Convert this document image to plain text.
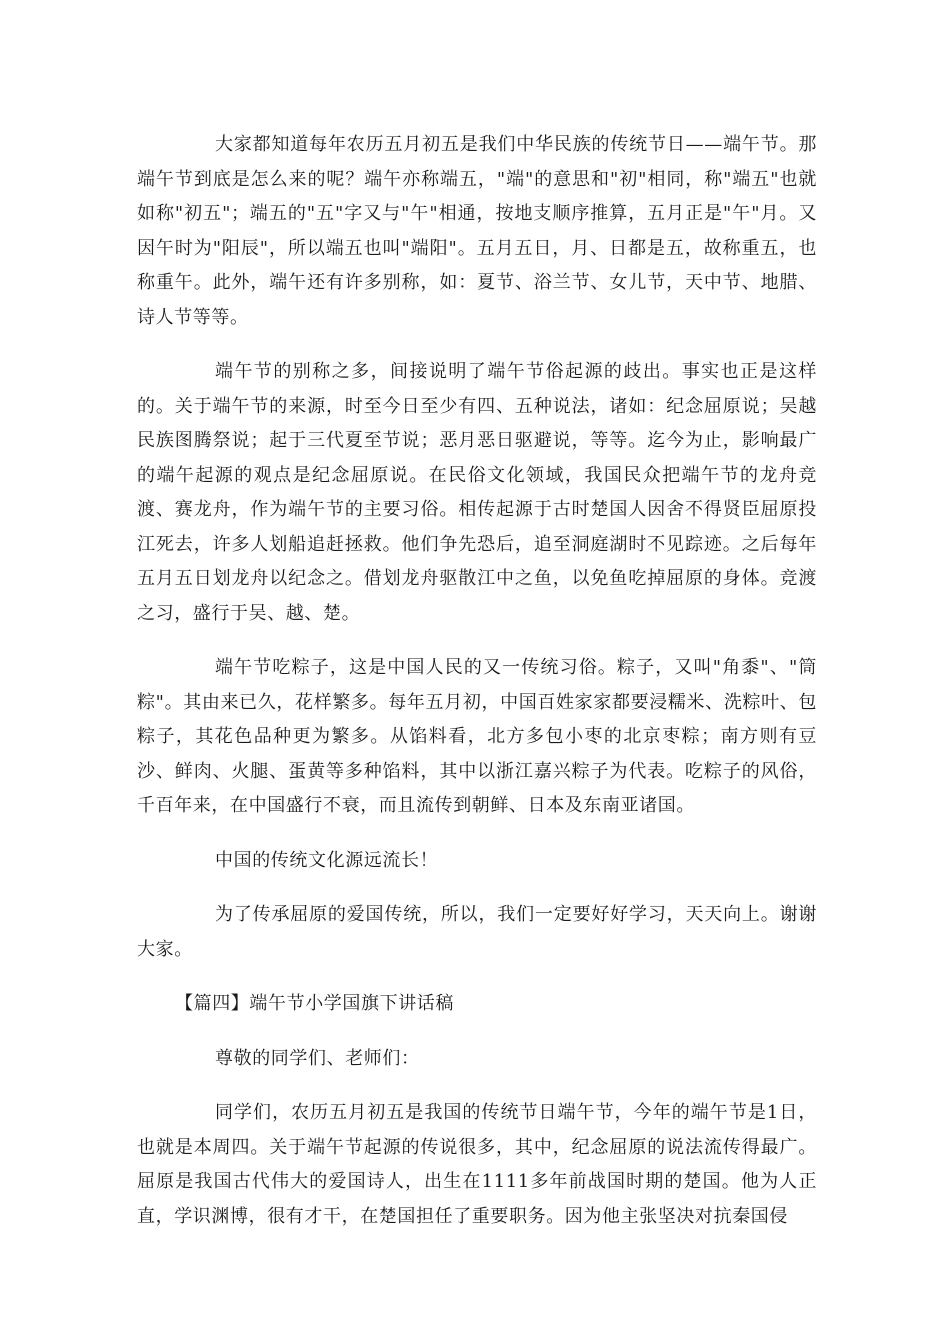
大家都知道每年农历五月初五是我们中华民族的传统节日——端午节。那端午节到底是怎么来的呢？端午亦称端五，"端"的意思和"初"相同，称"端五"也就如称"初五"；端五的"五"字又与"午"相通，按地支顺序推算，五月正是"午"月。又因午时为"阳辰"，所以端五也叫"端阳"。五月五日，月、日都是五，故称重五，也称重午。此外，端午还有许多别称，如：夏节、浴兰节、女儿节，天中节、地腊、诗人节等等。

端午节的别称之多，间接说明了端午节俗起源的歧出。事实也正是这样的。关于端午节的来源，时至今日至少有四、五种说法，诸如：纪念屈原说；吴越民族图腾祭说；起于三代夏至节说；恶月恶日驱避说，等等。迄今为止，影响最广的端午起源的观点是纪念屈原说。在民俗文化领域，我国民众把端午节的龙舟竞渡、赛龙舟，作为端午节的主要习俗。相传起源于古时楚国人因舍不得贤臣屈原投江死去，许多人划船追赶拯救。他们争先恐后，追至洞庭湖时不见踪迹。之后每年五月五日划龙舟以纪念之。借划龙舟驱散江中之鱼，以免鱼吃掉屈原的身体。竞渡之习，盛行于吴、越、楚。

端午节吃粽子，这是中国人民的又一传统习俗。粽子，又叫"角黍"、"筒粽"。其由来已久，花样繁多。每年五月初，中国百姓家家都要浸糯米、洗粽叶、包粽子，其花色品种更为繁多。从馅料看，北方多包小枣的北京枣粽；南方则有豆沙、鲜肉、火腿、蛋黄等多种馅料，其中以浙江嘉兴粽子为代表。吃粽子的风俗，千百年来，在中国盛行不衰，而且流传到朝鲜、日本及东南亚诸国。

中国的传统文化源远流长！

为了传承屈原的爱国传统，所以，我们一定要好好学习，天天向上。谢谢大家。

【篇四】端午节小学国旗下讲话稿

尊敬的同学们、老师们：

同学们，农历五月初五是我国的传统节日端午节，今年的端午节是1日，也就是本周四。关于端午节起源的传说很多，其中，纪念屈原的说法流传得最广。屈原是我国古代伟大的爱国诗人，出生在1111多年前战国时期的楚国。他为人正直，学识渊博，很有才干，在楚国担任了重要职务。因为他主张坚决对抗秦国侵
